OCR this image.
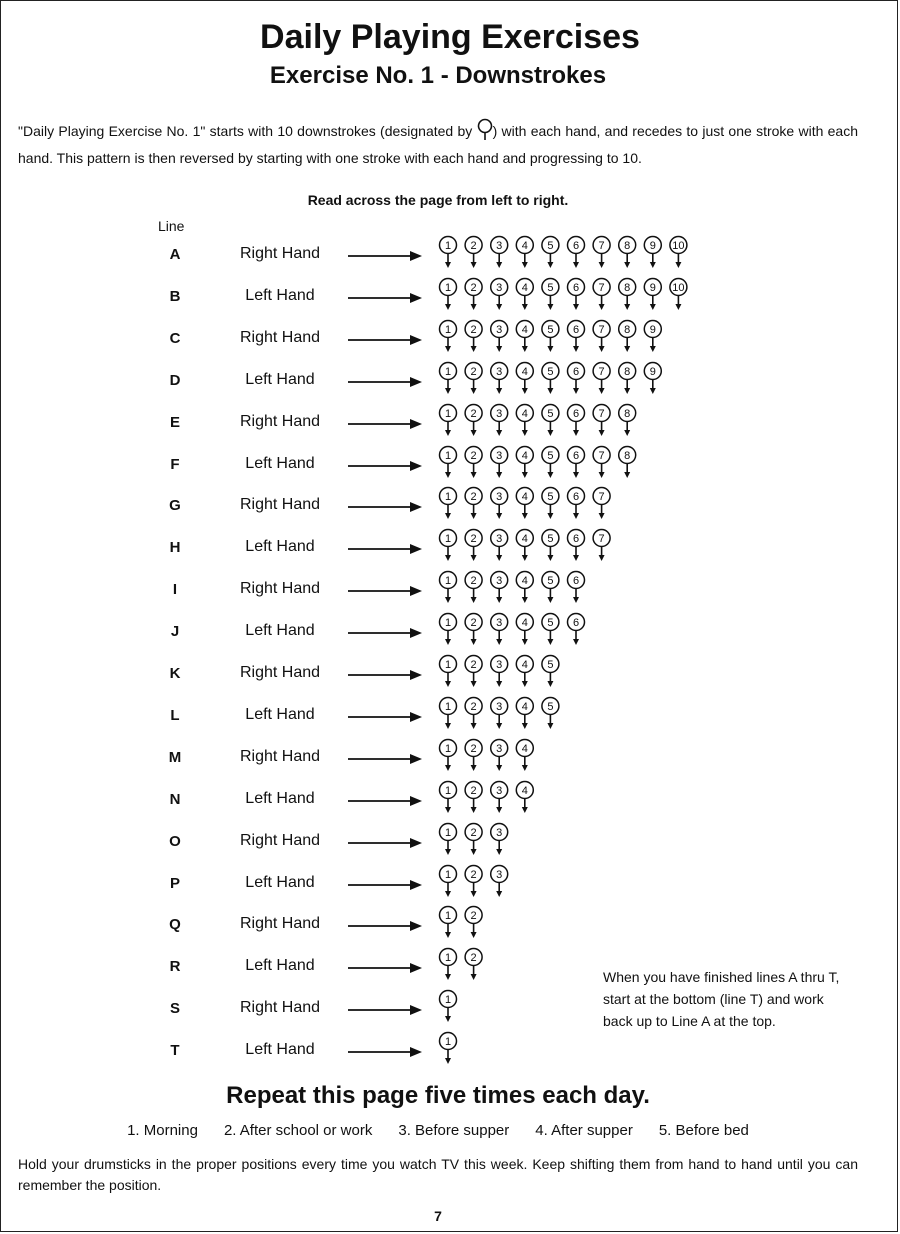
Daily Playing Exercises
Exercise No. 1 - Downstrokes

"Daily Playing Exercise No. 1" starts with 10 downstrokes (designated by ) with each hand, and recedes to just one stroke with each hand. This pattern is then reversed by starting with one stroke with each hand and progressing to 10.

Read across the page from left to right.

Line

A	Right Hand	1 2 3 4 5 6 7 8 9 10
B	Left Hand	1 2 3 4 5 6 7 8 9 10
C	Right Hand	1 2 3 4 5 6 7 8 9
D	Left Hand	1 2 3 4 5 6 7 8 9
E	Right Hand	1 2 3 4 5 6 7 8
F	Left Hand	1 2 3 4 5 6 7 8
G	Right Hand	1 2 3 4 5 6 7
H	Left Hand	1 2 3 4 5 6 7
I	Right Hand	1 2 3 4 5 6
J	Left Hand	1 2 3 4 5 6
K	Right Hand	1 2 3 4 5
L	Left Hand	1 2 3 4 5
M	Right Hand	1 2 3 4
N	Left Hand	1 2 3 4
O	Right Hand	1 2 3
P	Left Hand	1 2 3
Q	Right Hand	1 2
R	Left Hand	1 2
S	Right Hand	1
T	Left Hand	1

When you have finished lines A thru T, start at the bottom (line T) and work back up to Line A at the top.

Repeat this page five times each day.

1. Morning 2. After school or work 3. Before supper 4. After supper 5. Before bed

Hold your drumsticks in the proper positions every time you watch TV this week. Keep shifting them from hand to hand until you can remember the position.

7
